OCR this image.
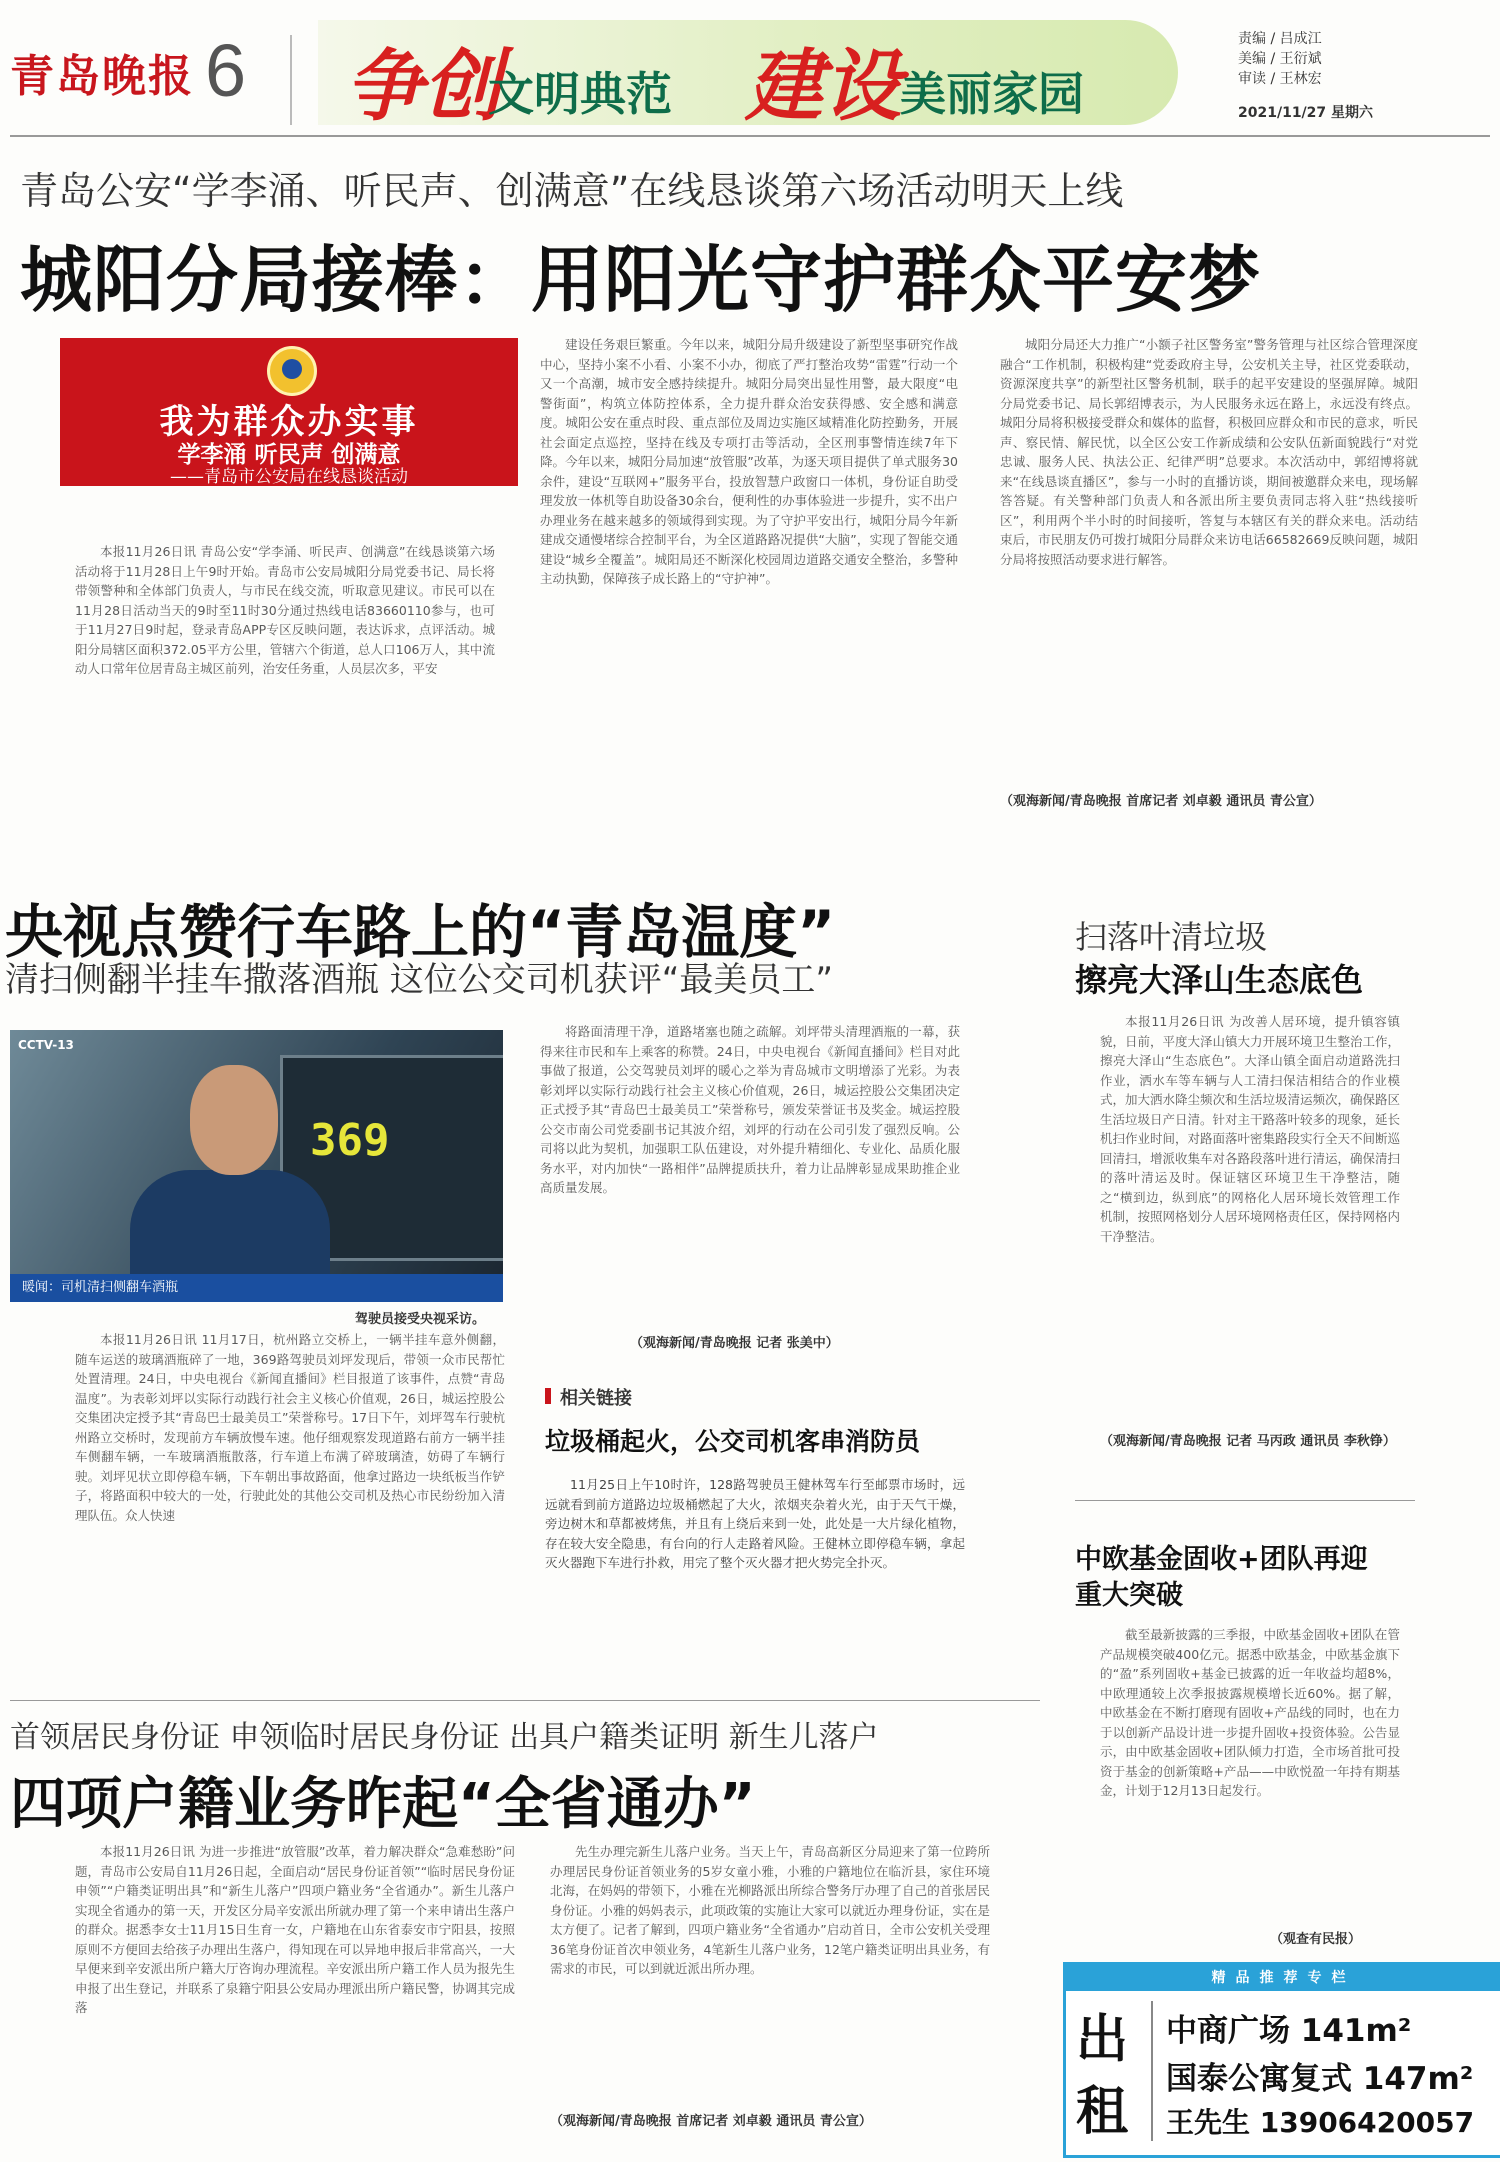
青岛晚报 6 争创
文明典范 建设
美丽家园
责编 / 吕成江
美编 / 王衍斌
审读 / 王林宏
2021/11/27 星期六
青岛公安“学李涌、听民声、创满意”在线恳谈第六场活动明天上线
城阳分局接棒：用阳光守护群众平安梦
我为群众办实事
学李涌 听民声 创满意
——青岛市公安局在线恳谈活动

本报11月26日讯 青岛公安“学李涌、听民声、创满意”在线恳谈第六场活动将于11月28日上午9时开始。青岛市公安局城阳分局党委书记、局长将带领警种和全体部门负责人，与市民在线交流，听取意见建议。市民可以在11月28日活动当天的9时至11时30分通过热线电话83660110参与，也可于11月27日9时起，登录青岛APP专区反映问题，表达诉求，点评活动。城阳分局辖区面积372.05平方公里，管辖六个街道，总人口106万人，其中流动人口常年位居青岛主城区前列，治安任务重，人员层次多，平安

建设任务艰巨繁重。今年以来，城阳分局升级建设了新型坚事研究作战中心，坚持小案不小看、小案不小办，彻底了严打整治攻势“雷霆”行动一个又一个高潮，城市安全感持续提升。城阳分局突出显性用警，最大限度“电警街面”，构筑立体防控体系，全力提升群众治安获得感、安全感和满意度。城阳公安在重点时段、重点部位及周边实施区域精准化防控勤务，开展社会面定点巡控，坚持在线及专项打击等活动，全区刑事警情连续7年下降。今年以来，城阳分局加速“放管服”改革，为逐天项目提供了单式服务30余件，建设“互联网+”服务平台，投放智慧户政窗口一体机，身份证自助受理发放一体机等自助设备30余台，便利性的办事体验进一步提升，实不出户办理业务在越来越多的领域得到实现。为了守护平安出行，城阳分局今年新建成交通慢堵综合控制平台，为全区道路路况提供“大脑”，实现了智能交通建设“城乡全覆盖”。城阳局还不断深化校园周边道路交通安全整治，多警种主动执勤，保障孩子成长路上的“守护神”。

城阳分局还大力推广“小额子社区警务室”警务管理与社区综合管理深度融合“工作机制，积极构建“党委政府主导，公安机关主导，社区党委联动，资源深度共享”的新型社区警务机制，联手的起平安建设的坚强屏障。城阳分局党委书记、局长郭绍博表示，为人民服务永远在路上，永远没有终点。城阳分局将积极接受群众和媒体的监督，积极回应群众和市民的意求，听民声、察民情、解民忧，以全区公安工作新成绩和公安队伍新面貌践行“对党忠诚、服务人民、执法公正、纪律严明”总要求。本次活动中，郭绍博将就来“在线恳谈直播区”，参与一小时的直播访谈，期间被邀群众来电，现场解答答疑。有关警种部门负责人和各派出所主要负责同志将入驻“热线接听区”，利用两个半小时的时间接听，答复与本辖区有关的群众来电。活动结束后，市民朋友仍可拨打城阳分局群众来访电话66582669反映问题，城阳分局将按照活动要求进行解答。

（观海新闻/青岛晚报 首席记者 刘卓毅 通讯员 青公宣）
央视点赞行车路上的“青岛温度”
清扫侧翻半挂车撒落酒瓶 这位公交司机获评“最美员工”
CCTV-13
369
暖闻：司机清扫侧翻车酒瓶
驾驶员接受央视采访。

本报11月26日讯 11月17日，杭州路立交桥上，一辆半挂车意外侧翻，随车运送的玻璃酒瓶碎了一地，369路驾驶员刘坪发现后，带领一众市民帮忙处置清理。24日，中央电视台《新闻直播间》栏目报道了该事件，点赞“青岛温度”。为表彰刘坪以实际行动践行社会主义核心价值观，26日，城运控股公交集团决定授予其“青岛巴士最美员工”荣誉称号。17日下午，刘坪驾车行驶杭州路立交桥时，发现前方车辆放慢车速。他仔细观察发现道路右前方一辆半挂车侧翻车辆，一车玻璃酒瓶散落，行车道上布满了碎玻璃渣，妨碍了车辆行驶。刘坪见状立即停稳车辆，下车朝出事故路面，他拿过路边一块纸板当作铲子，将路面积中较大的一处，行驶此处的其他公交司机及热心市民纷纷加入清理队伍。众人快速

将路面清理干净，道路堵塞也随之疏解。刘坪带头清理酒瓶的一幕，获得来往市民和车上乘客的称赞。24日，中央电视台《新闻直播间》栏目对此事做了报道，公交驾驶员刘坪的暖心之举为青岛城市文明增添了光彩。为表彰刘坪以实际行动践行社会主义核心价值观，26日，城运控股公交集团决定正式授予其“青岛巴士最美员工”荣誉称号，颁发荣誉证书及奖金。城运控股公交市南公司党委副书记其波介绍，刘坪的行动在公司引发了强烈反响。公司将以此为契机，加强职工队伍建设，对外提升精细化、专业化、品质化服务水平，对内加快“一路相伴”品牌提质扶升，着力让品牌彰显成果助推企业高质量发展。

（观海新闻/青岛晚报 记者 张美中）
相关链接
垃圾桶起火，公交司机客串消防员

11月25日上午10时许，128路驾驶员王健林驾车行至邮票市场时，远远就看到前方道路边垃圾桶燃起了大火，浓烟夹杂着火光，由于天气干燥，旁边树木和草都被烤焦，并且有上绕后来到一处，此处是一大片绿化植物，存在较大安全隐患，有台向的行人走路着风险。王健林立即停稳车辆，拿起灭火器跑下车进行扑救，用完了整个灭火器才把火势完全扑灭。

扫落叶清垃圾
擦亮大泽山生态底色

本报11月26日讯 为改善人居环境，提升镇容镇貌，日前，平度大泽山镇大力开展环境卫生整治工作，擦亮大泽山“生态底色”。大泽山镇全面启动道路洗扫作业，洒水车等车辆与人工清扫保洁相结合的作业模式，加大洒水降尘频次和生活垃圾清运频次，确保路区生活垃圾日产日清。针对主干路落叶较多的现象，延长机扫作业时间，对路面落叶密集路段实行全天不间断巡回清扫，增派收集车对各路段落叶进行清运，确保清扫的落叶清运及时。保证辖区环境卫生干净整洁，随之“横到边，纵到底”的网格化人居环境长效管理工作机制，按照网格划分人居环境网格责任区，保持网格内干净整洁。

（观海新闻/青岛晚报 记者 马丙政 通讯员 李秋铮）
中欧基金固收+团队再迎重大突破

截至最新披露的三季报，中欧基金固收+团队在管产品规模突破400亿元。据悉中欧基金，中欧基金旗下的“盈”系列固收+基金已披露的近一年收益均超8%，中欧理通较上次季报披露规模增长近60%。据了解，中欧基金在不断打磨现有固收+产品线的同时，也在力于以创新产品设计进一步提升固收+投资体验。公告显示，由中欧基金固收+团队倾力打造，全市场首批可投资于基金的创新策略+产品——中欧悦盈一年持有期基金，计划于12月13日起发行。

（观查有民报）
首领居民身份证 申领临时居民身份证 出具户籍类证明 新生儿落户
四项户籍业务昨起“全省通办”

本报11月26日讯 为进一步推进“放管服”改革，着力解决群众“急难愁盼”问题，青岛市公安局自11月26日起，全面启动“居民身份证首领”“临时居民身份证申领”“户籍类证明出具”和“新生儿落户”四项户籍业务“全省通办”。新生儿落户实现全省通办的第一天，开发区分局辛安派出所就办理了第一个来申请出生落户的群众。据悉李女士11月15日生育一女，户籍地在山东省泰安市宁阳县，按照原则不方便回去给孩子办理出生落户，得知现在可以异地申报后非常高兴，一大早便来到辛安派出所户籍大厅咨询办理流程。辛安派出所户籍工作人员为报先生申报了出生登记，并联系了泉籍宁阳县公安局办理派出所户籍民警，协调其完成落

先生办理完新生儿落户业务。当天上午，青岛高新区分局迎来了第一位跨所办理居民身份证首领业务的5岁女童小雅，小雅的户籍地位在临沂县，家住环境北海，在妈妈的带领下，小雅在光柳路派出所综合警务厅办理了自己的首张居民身份证。小雅的妈妈表示，此项政策的实施让大家可以就近办理身份证，实在是太方便了。记者了解到，四项户籍业务“全省通办”启动首日，全市公安机关受理36笔身份证首次申领业务，4笔新生儿落户业务，12笔户籍类证明出具业务，有需求的市民，可以到就近派出所办理。

（观海新闻/青岛晚报 首席记者 刘卓毅 通讯员 青公宣）
精品推荐专栏
出
租
中商广场 141m²
国泰公寓复式 147m²
王先生 13906420057
